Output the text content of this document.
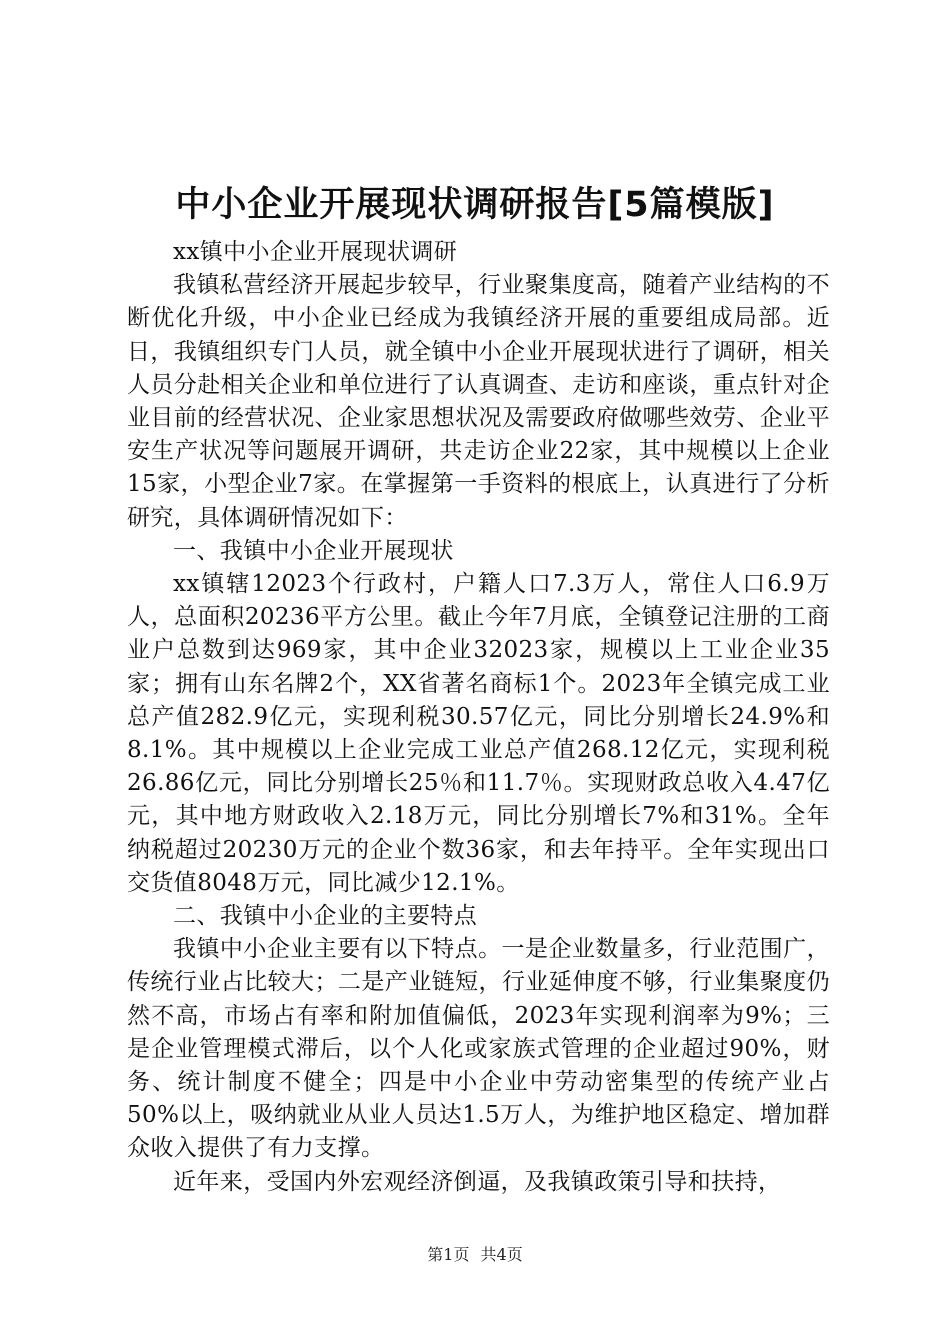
中小企业开展现状调研报告[5篇模版]

xx镇中小企业开展现状调研

我镇私营经济开展起步较早，行业聚集度高，随着产业结构的不断优化升级，中小企业已经成为我镇经济开展的重要组成局部。近日，我镇组织专门人员，就全镇中小企业开展现状进行了调研，相关人员分赴相关企业和单位进行了认真调查、走访和座谈，重点针对企业目前的经营状况、企业家思想状况及需要政府做哪些效劳、企业平安生产状况等问题展开调研，共走访企业22家，其中规模以上企业15家，小型企业7家。在掌握第一手资料的根底上，认真进行了分析研究，具体调研情况如下：

一、我镇中小企业开展现状

xx镇辖12023个行政村，户籍人口7.3万人，常住人口6.9万人，总面积20236平方公里。截止今年7月底，全镇登记注册的工商业户总数到达969家，其中企业32023家，规模以上工业企业35家；拥有山东名牌2个，XX省著名商标1个。2023年全镇完成工业总产值282.9亿元，实现利税30.57亿元，同比分别增长24.9%和8.1%。其中规模以上企业完成工业总产值268.12亿元，实现利税26.86亿元，同比分别增长25％和11.7％。实现财政总收入4.47亿元，其中地方财政收入2.18万元，同比分别增长7%和31%。全年纳税超过20230万元的企业个数36家，和去年持平。全年实现出口交货值8048万元，同比减少12.1%。

二、我镇中小企业的主要特点

我镇中小企业主要有以下特点。一是企业数量多，行业范围广，传统行业占比较大；二是产业链短，行业延伸度不够，行业集聚度仍然不高，市场占有率和附加值偏低，2023年实现利润率为9%；三是企业管理模式滞后，以个人化或家族式管理的企业超过90%，财务、统计制度不健全；四是中小企业中劳动密集型的传统产业占50%以上，吸纳就业从业人员达1.5万人，为维护地区稳定、增加群众收入提供了有力支撑。

近年来，受国内外宏观经济倒逼，及我镇政策引导和扶持，

第1页 共4页
